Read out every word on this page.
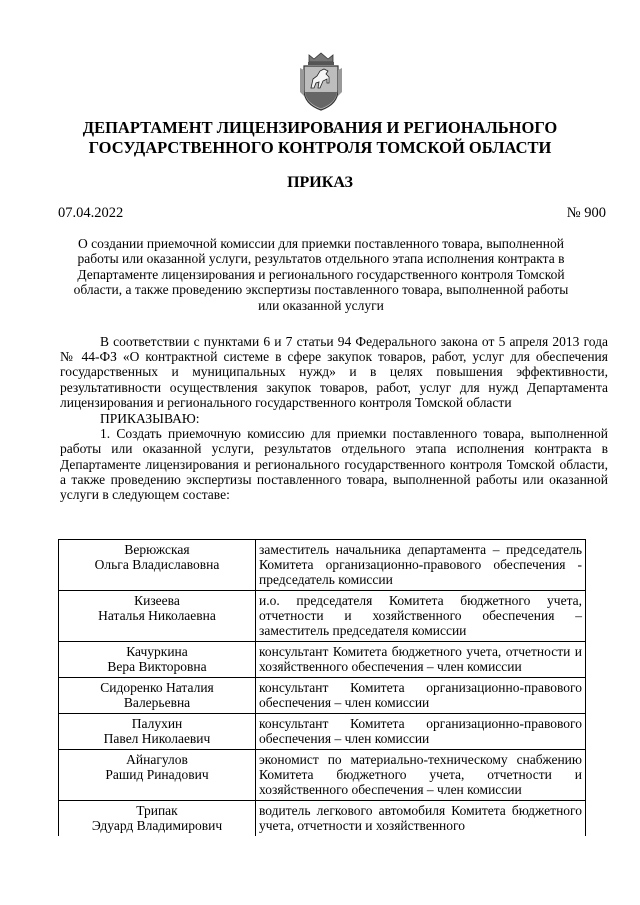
ДЕПАРТАМЕНТ ЛИЦЕНЗИРОВАНИЯ И РЕГИОНАЛЬНОГО
ГОСУДАРСТВЕННОГО КОНТРОЛЯ ТОМСКОЙ ОБЛАСТИ
ПРИКАЗ
07.04.2022	№ 900
О создании приемочной комиссии для приемки поставленного товара, выполненной работы или оказанной услуги, результатов отдельного этапа исполнения контракта в Департаменте лицензирования и регионального государственного контроля Томской области, а также проведению экспертизы поставленного товара, выполненной работы или оказанной услуги

В соответствии с пунктами 6 и 7 статьи 94 Федерального закона от 5 апреля 2013 года № 44-ФЗ «О контрактной системе в сфере закупок товаров, работ, услуг для обеспечения государственных и муниципальных нужд» и в целях повышения эффективности, результативности осуществления закупок товаров, работ, услуг для нужд Департамента лицензирования и регионального государственного контроля Томской области

ПРИКАЗЫВАЮ:

1. Создать приемочную комиссию для приемки поставленного товара, выполненной работы или оказанной услуги, результатов отдельного этапа исполнения контракта в Департаменте лицензирования и регионального государственного контроля Томской области, а также проведению экспертизы поставленного товара, выполненной работы или оказанной услуги в следующем составе:

Верюжская
Ольга Владиславовна	заместитель начальника департамента – председатель Комитета организационно-правового обеспечения - председатель комиссии

Кизеева
Наталья Николаевна	и.о. председателя Комитета бюджетного учета, отчетности и хозяйственного обеспечения – заместитель председателя комиссии

Качуркина
Вера Викторовна	консультант Комитета бюджетного учета, отчетности и хозяйственного обеспечения – член комиссии

Сидоренко Наталия
Валерьевна	консультант Комитета организационно-правового обеспечения – член комиссии

Палухин
Павел Николаевич	консультант Комитета организационно-правового обеспечения – член комиссии

Айнагулов
Рашид Ринадович	экономист по материально-техническому снабжению Комитета бюджетного учета, отчетности и хозяйственного обеспечения – член комиссии

Трипак
Эдуард Владимирович	водитель легкового автомобиля Комитета бюджетного учета, отчетности и хозяйственного
